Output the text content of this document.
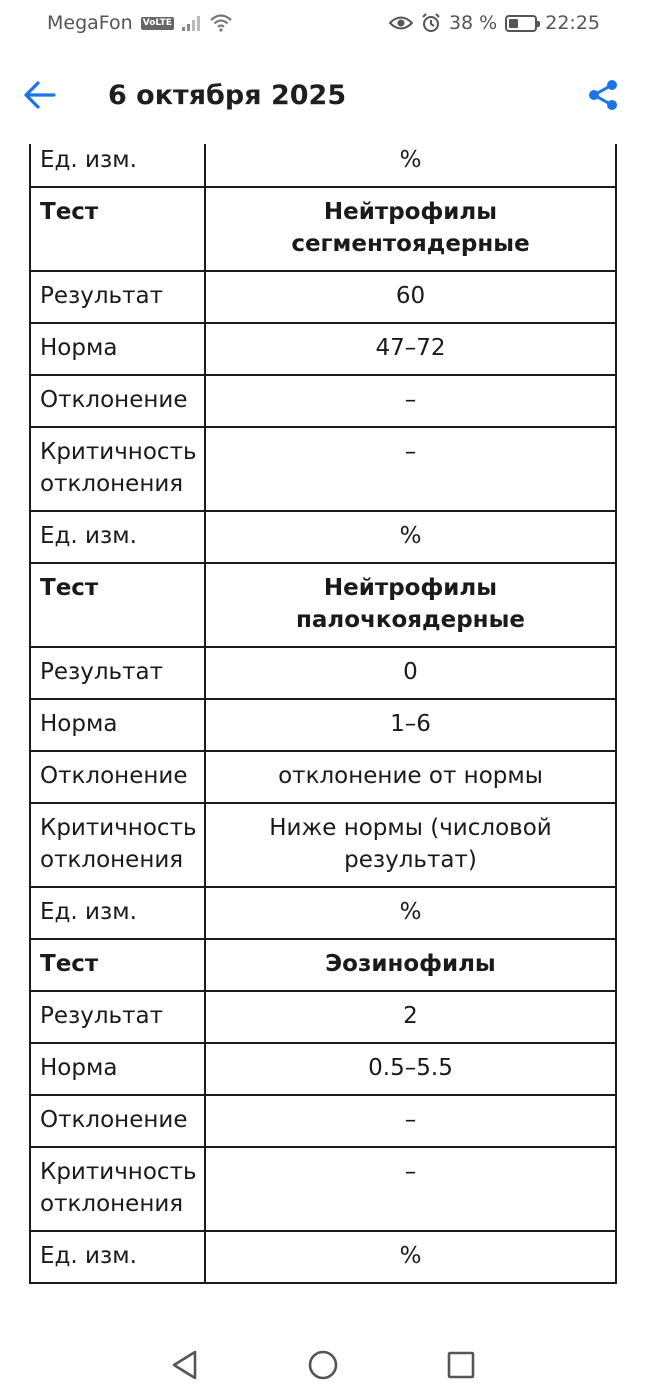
MegaFon VoLTE	38 %	22:25
6 октября 2025
Ед. изм.	%
Тест	Нейтрофилы сегментоядерные
Результат	60
Норма	47–72
Отклонение	–
Критичность отклонения	–
Ед. изм.	%
Тест	Нейтрофилы палочкоядерные
Результат	0
Норма	1–6
Отклонение	отклонение от нормы
Критичность отклонения	Ниже нормы (числовой результат)
Ед. изм.	%
Тест	Эозинофилы
Результат	2
Норма	0.5–5.5
Отклонение	–
Критичность отклонения	–
Ед. изм.	%
